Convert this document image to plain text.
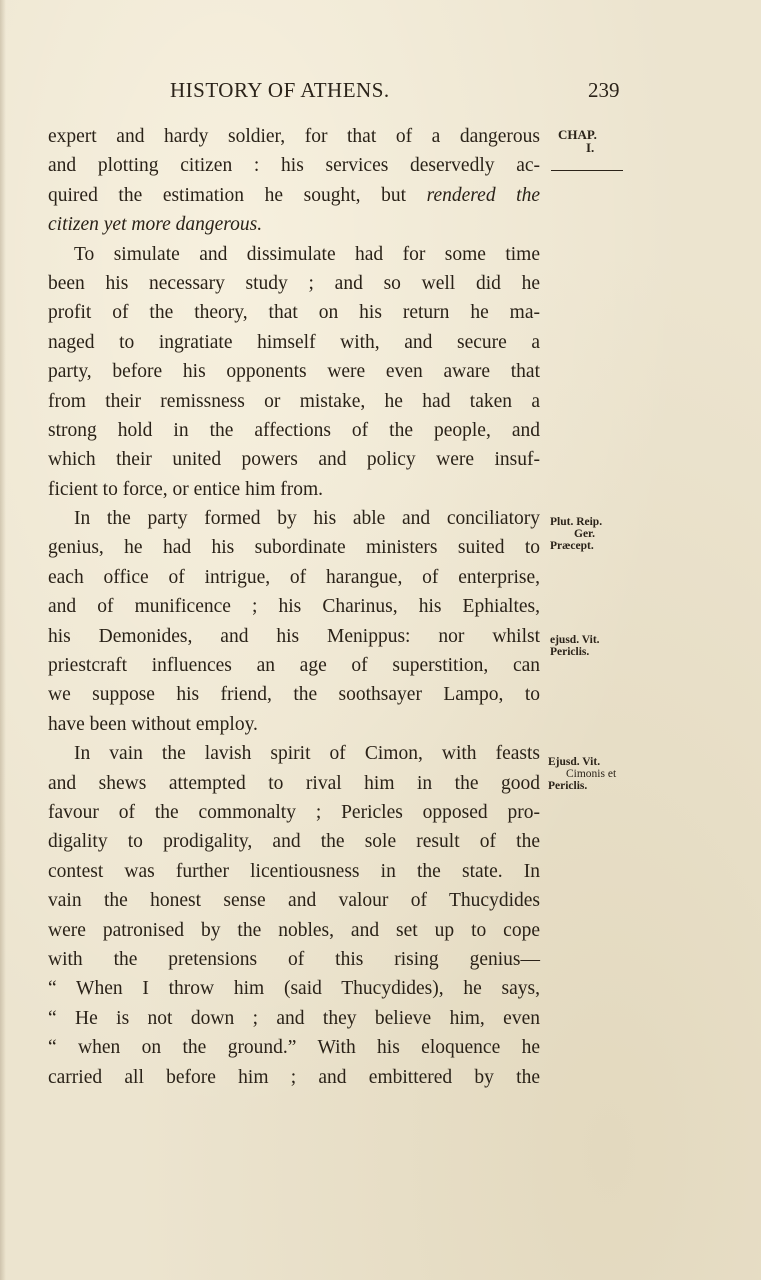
HISTORY OF ATHENS.	239
CHAP.
I.
Plut. Reip.
Ger.
Præcept.
ejusd. Vit.
Periclis.
Ejusd. Vit.
Cimonis et
Periclis.
expert and hardy soldier, for that of a dangerous
and plotting citizen : his services deservedly ac-
quired the estimation he sought, but rendered the
citizen yet more dangerous.
To simulate and dissimulate had for some time
been his necessary study ; and so well did he
profit of the theory, that on his return he ma-
naged to ingratiate himself with, and secure a
party, before his opponents were even aware that
from their remissness or mistake, he had taken a
strong hold in the affections of the people, and
which their united powers and policy were insuf-
ficient to force, or entice him from.
In the party formed by his able and conciliatory
genius, he had his subordinate ministers suited to
each office of intrigue, of harangue, of enterprise,
and of munificence ; his Charinus, his Ephialtes,
his Demonides, and his Menippus: nor whilst
priestcraft influences an age of superstition, can
we suppose his friend, the soothsayer Lampo, to
have been without employ.
In vain the lavish spirit of Cimon, with feasts
and shews attempted to rival him in the good
favour of the commonalty ; Pericles opposed pro-
digality to prodigality, and the sole result of the
contest was further licentiousness in the state. In
vain the honest sense and valour of Thucydides
were patronised by the nobles, and set up to cope
with the pretensions of this rising genius—
“ When I throw him (said Thucydides), he says,
“ He is not down ; and they believe him, even
“ when on the ground.” With his eloquence he
carried all before him ; and embittered by the
